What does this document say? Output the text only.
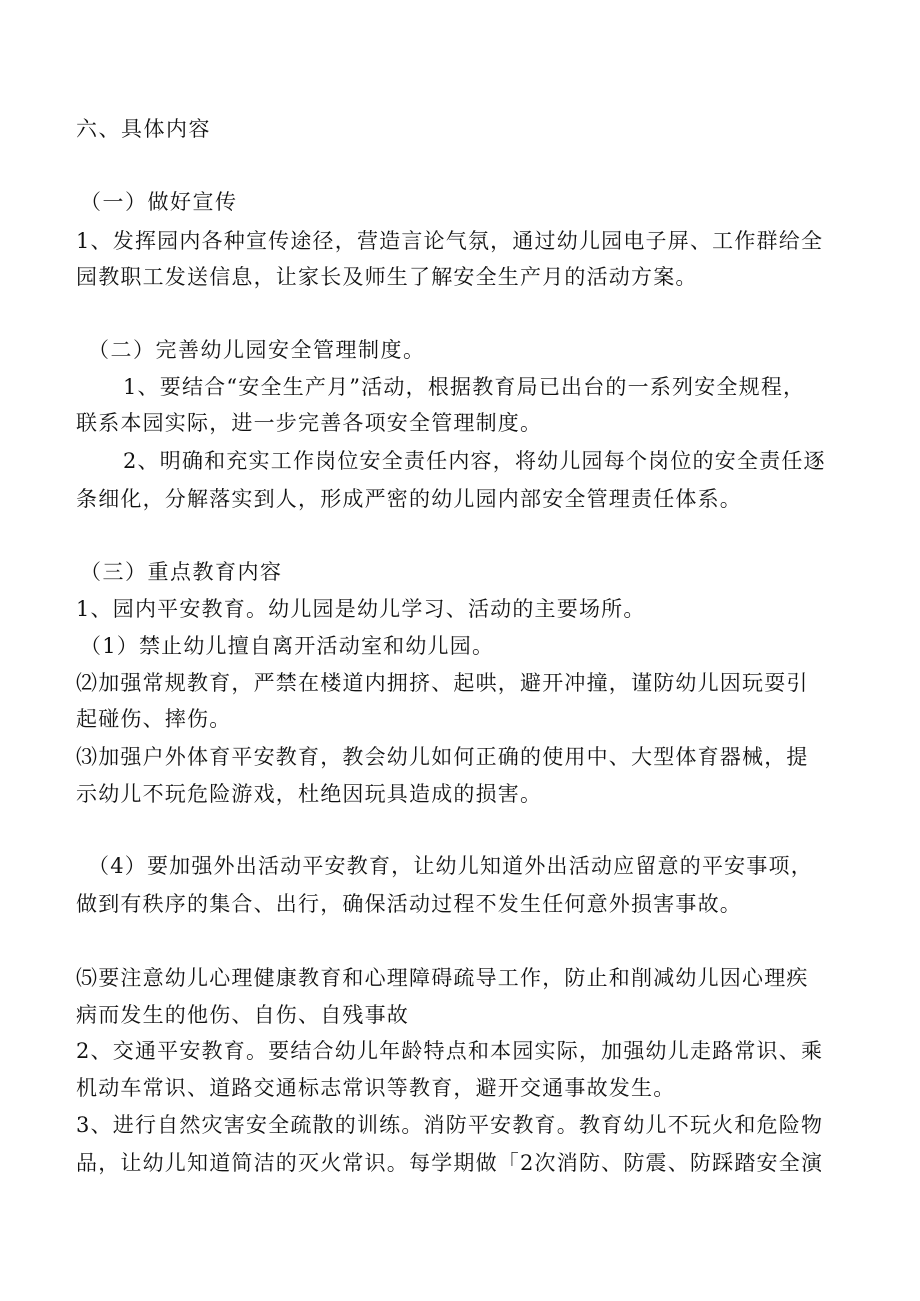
六、具体内容
（一）做好宣传
1、发挥园内各种宣传途径，营造言论气氛，通过幼儿园电子屏、工作群给全
园教职工发送信息，让家长及师生了解安全生产月的活动方案。
（二）完善幼儿园安全管理制度。
1、要结合“安全生产月”活动，根据教育局已出台的一系列安全规程，
联系本园实际，进一步完善各项安全管理制度。
2、明确和充实工作岗位安全责任内容，将幼儿园每个岗位的安全责任逐
条细化，分解落实到人，形成严密的幼儿园内部安全管理责任体系。
（三）重点教育内容
1、园内平安教育。幼儿园是幼儿学习、活动的主要场所。
（1）禁止幼儿擅自离开活动室和幼儿园。
⑵加强常规教育，严禁在楼道内拥挤、起哄，避开冲撞，谨防幼儿因玩耍引
起碰伤、摔伤。
⑶加强户外体育平安教育，教会幼儿如何正确的使用中、大型体育器械，提
示幼儿不玩危险游戏，杜绝因玩具造成的损害。
（4）要加强外出活动平安教育，让幼儿知道外出活动应留意的平安事项，
做到有秩序的集合、出行，确保活动过程不发生任何意外损害事故。
⑸要注意幼儿心理健康教育和心理障碍疏导工作，防止和削减幼儿因心理疾
病而发生的他伤、自伤、自残事故
2、交通平安教育。要结合幼儿年龄特点和本园实际，加强幼儿走路常识、乘
机动车常识、道路交通标志常识等教育，避开交通事故发生。
3、进行自然灾害安全疏散的训练。消防平安教育。教育幼儿不玩火和危险物
品，让幼儿知道简洁的灭火常识。每学期做「2次消防、防震、防踩踏安全演
